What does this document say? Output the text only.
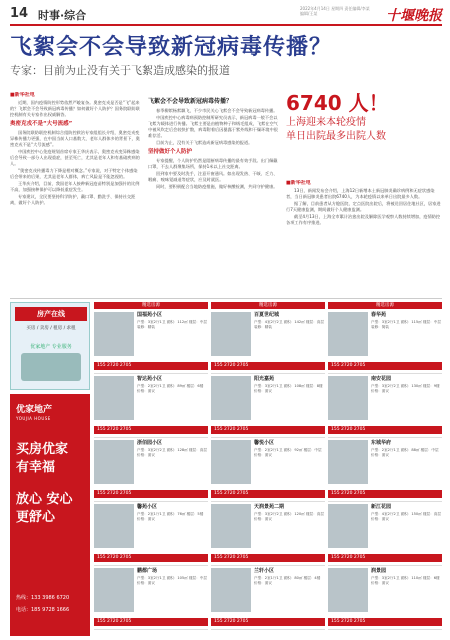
14 时事·综合
2022年4月14日 星期四 责任编辑/李某 编辑/王某	十堰晚报
飞絮会不会导致新冠病毒传播？
专家：目前为止没有关于飞絮造成感染的报道
■新华社电

近期，国内疫情防控形势依然严峻复杂。奥密克戎是否是“飞”起来的？飞絮会不会导致新冠病毒传播？如何做好个人防护？国务院联防联控机制有关专家作出权威解答。

奥密克戎不是“大号流感”

国务院联防联控机制综合组防控救治专家组组长介绍，奥密克戎变异株传播力更强，在中国当前人口基数大、老年人群体多的背景下，奥密克戎不是“大号流感”。

中国疾控中心免疫规划首席专家王华庆表示，奥密克戎变异株感染后会导致一部分人出现重症，甚至死亡，尤其是老年人和有基础疾病的人。

“奥密克戎传播毒力下降是相对概念。”专家说，对于特定个体感染后会带来的后果，尤其是老年人群体，病亡风险是不能忽视的。

王华庆介绍，目前，我国老年人接种新冠疫苗特别是加强针的比例不高，加强接种保护可以降低重症发生。

专家建议，全民要坚持科学防护，戴口罩、勤洗手、保持社交距离，做好个人防护。

飞絮会不会导致新冠病毒传播？

春季柳絮杨絮飘飞，不少市民关心飞絮会不会导致新冠病毒传播。

中国疾控中心病毒病预防控制所研究员表示，新冠病毒一般不会以飞絮为载体进行传播。飞絮主要是由植物种子和绒毛组成，飞絮在空气中被风吹走后会较快扩散，病毒附着后因暴露于紫外线和干燥环境中很难存活。

目前为止，没有关于飞絮造成新冠病毒感染的报道。

坚持做好个人防护

专家提醒，个人防护仍然是阻断病毒传播的最有效手段。出门佩戴口罩，不去人群聚集场所，保持1米以上社交距离。

回到家中要及时洗手，注意开窗通风。如出现发热、干咳、乏力、咽痛、嗅味觉减退等症状，应及时就医。

同时，要积极配合当地防疫措施，做好核酸检测，共同守护健康。

6740 人！
上海迎来本轮疫情
单日出院最多出院人数
■新华社电

13日，新闻发布会介绍，上海12日新增本土新冠肺炎确诊病例和无症状感染者，当日新冠肺炎患者出院6740人，为本轮疫情以来单日出院最多人数。

据了解，目前患者从方舱医院、定点医院出院后，将被送回居住地社区，居家进行7天健康监测，期间做好个人健康监测。

截至4月13日，上海全市累计治愈出院及解除医学观察人数持续增加，疫情防控各项工作有序推进。

房产在线
买房 / 卖房 / 租房 / 求租
优家地产 专业服务
优家地产
YOUJIA HOUSE
买房优家
有幸福
放心 安心
更舒心
热线：133 3986 6720
电话：185 9728 1666
精选房源
国福苑小区
户型：3室2厅1卫 面积：112㎡ 楼层：中层 装修：精装
155 2720 2705
智达苑小区
户型：2室2厅1卫 面积：89㎡ 楼层：6楼 价格：面议
155 2720 2705
浙佰园小区
户型：3室2厅2卫 面积：128㎡ 楼层：高层 价格：面议
155 2720 2705
馨苑小区
户型：2室1厅1卫 面积：76㎡ 楼层：5楼 价格：面议
155 2720 2705
鹏都广场
户型：3室2厅1卫 面积：105㎡ 楼层：中层 价格：面议
155 2720 2705
精选房源
百夏世纪城
户型：4室2厅2卫 面积：142㎡ 楼层：高层 装修：精装
155 2720 2705
阳光嘉苑
户型：3室2厅1卫 面积：108㎡ 楼层：8楼 价格：面议
155 2720 2705
馨悦小区
户型：2室2厅1卫 面积：92㎡ 楼层：中层 价格：面议
155 2720 2705
天润景苑二期
户型：3室2厅2卫 面积：120㎡ 楼层：高层 价格：面议
155 2720 2705
兰轩小区
户型：2室1厅1卫 面积：80㎡ 楼层：4楼 价格：面议
155 2720 2705
精选房源
春华苑
户型：3室2厅1卫 面积：115㎡ 楼层：中层 装修：简装
155 2720 2705
南安花园
户型：3室2厅2卫 面积：130㎡ 楼层：9楼 价格：面议
155 2720 2705
东城华府
户型：2室2厅1卫 面积：88㎡ 楼层：中层 价格：面议
155 2720 2705
新江花园
户型：4室2厅2卫 面积：150㎡ 楼层：高层 价格：面议
155 2720 2705
润景园
户型：3室2厅1卫 面积：110㎡ 楼层：6楼 价格：面议
155 2720 2705
